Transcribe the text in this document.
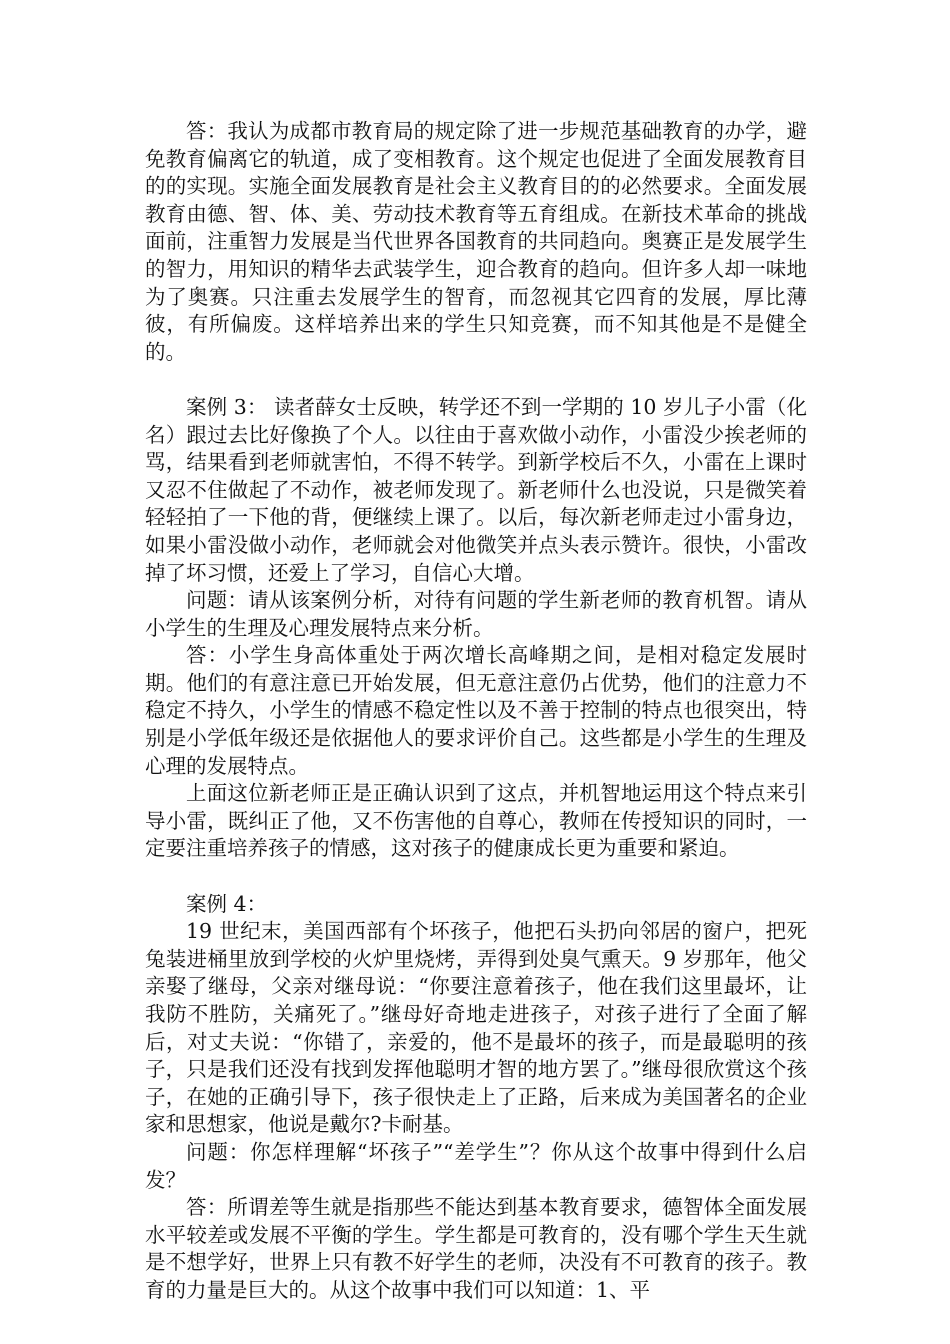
答：我认为成都市教育局的规定除了进一步规范基础教育的办学，避免教育偏离它的轨道，成了变相教育。这个规定也促进了全面发展教育目的的实现。实施全面发展教育是社会主义教育目的的必然要求。全面发展教育由德、智、体、美、劳动技术教育等五育组成。在新技术革命的挑战面前，注重智力发展是当代世界各国教育的共同趋向。奥赛正是发展学生的智力，用知识的精华去武装学生，迎合教育的趋向。但许多人却一味地为了奥赛。只注重去发展学生的智育，而忽视其它四育的发展，厚比薄彼，有所偏废。这样培养出来的学生只知竞赛，而不知其他是不是健全的。

案例 3： 读者薛女士反映，转学还不到一学期的 10 岁儿子小雷（化名）跟过去比好像换了个人。以往由于喜欢做小动作，小雷没少挨老师的骂，结果看到老师就害怕，不得不转学。到新学校后不久，小雷在上课时又忍不住做起了不动作，被老师发现了。新老师什么也没说，只是微笑着轻轻拍了一下他的背，便继续上课了。以后，每次新老师走过小雷身边，如果小雷没做小动作，老师就会对他微笑并点头表示赞许。很快，小雷改掉了坏习惯，还爱上了学习，自信心大增。

问题：请从该案例分析，对待有问题的学生新老师的教育机智。请从小学生的生理及心理发展特点来分析。

答：小学生身高体重处于两次增长高峰期之间，是相对稳定发展时期。他们的有意注意已开始发展，但无意注意仍占优势，他们的注意力不稳定不持久，小学生的情感不稳定性以及不善于控制的特点也很突出，特别是小学低年级还是依据他人的要求评价自己。这些都是小学生的生理及心理的发展特点。

上面这位新老师正是正确认识到了这点，并机智地运用这个特点来引导小雷，既纠正了他，又不伤害他的自尊心，教师在传授知识的同时，一定要注重培养孩子的情感，这对孩子的健康成长更为重要和紧迫。

案例 4：

19 世纪末，美国西部有个坏孩子，他把石头扔向邻居的窗户，把死兔装进桶里放到学校的火炉里烧烤，弄得到处臭气熏天。9 岁那年，他父亲娶了继母，父亲对继母说：“你要注意着孩子，他在我们这里最坏，让我防不胜防，关痛死了。”继母好奇地走进孩子，对孩子进行了全面了解后，对丈夫说：“你错了，亲爱的，他不是最坏的孩子，而是最聪明的孩子，只是我们还没有找到发挥他聪明才智的地方罢了。”继母很欣赏这个孩子，在她的正确引导下，孩子很快走上了正路，后来成为美国著名的企业家和思想家，他说是戴尔?卡耐基。

问题：你怎样理解“坏孩子”“差学生”？你从这个故事中得到什么启发？

答：所谓差等生就是指那些不能达到基本教育要求，德智体全面发展水平较差或发展不平衡的学生。学生都是可教育的，没有哪个学生天生就是不想学好，世界上只有教不好学生的老师，决没有不可教育的孩子。教育的力量是巨大的。从这个故事中我们可以知道：1、平
